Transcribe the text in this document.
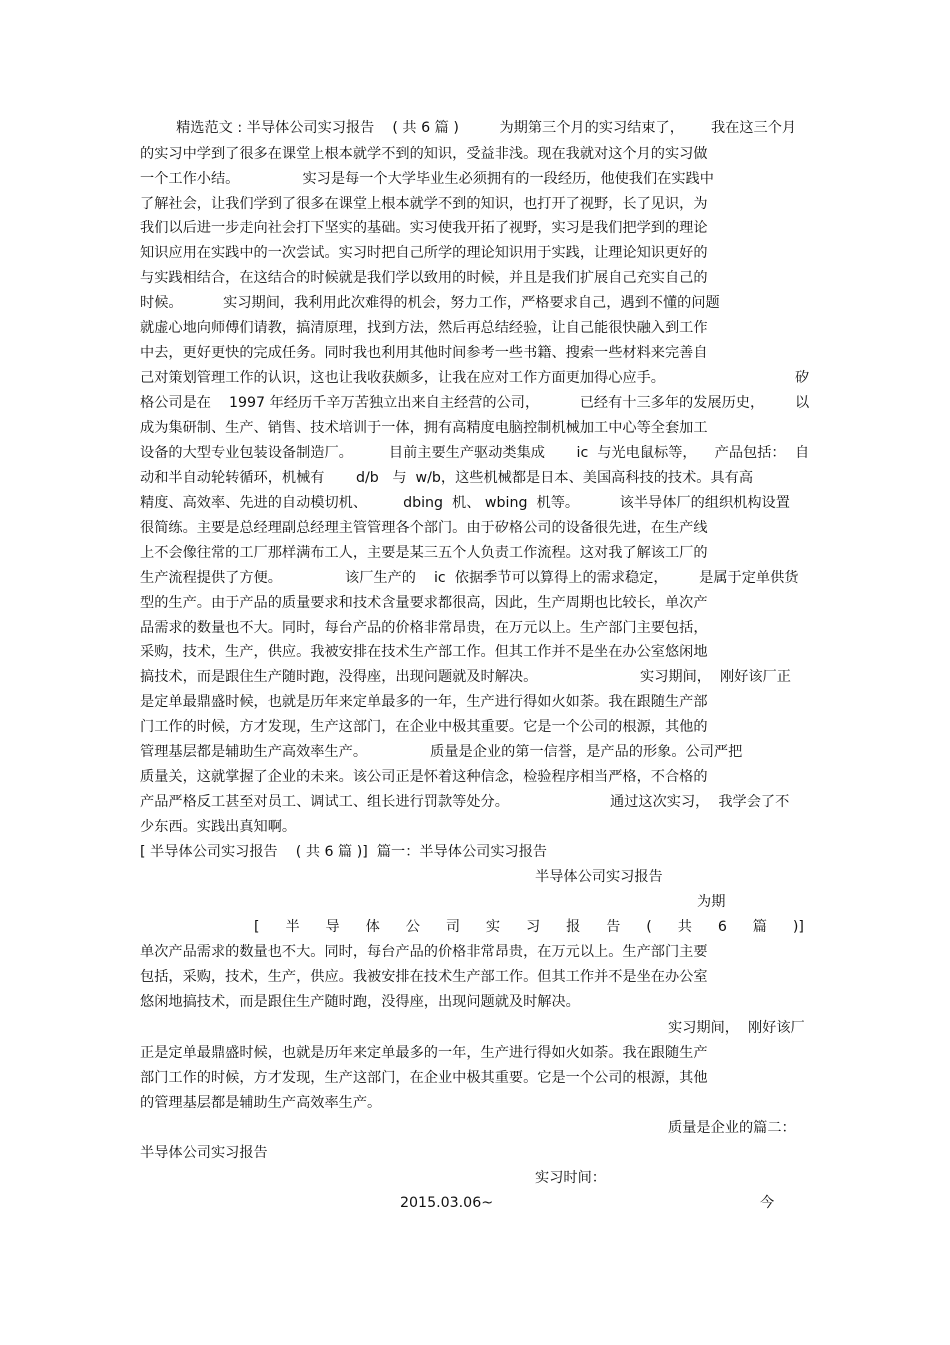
精选范文 : 半导体公司实习报告    ( 共 6 篇 )         为期第三个月的实习结束了，      我在这三个月
的实习中学到了很多在课堂上根本就学不到的知识，受益非浅。现在我就对这个月的实习做
一个工作小结。              实习是每一个大学毕业生必须拥有的一段经历，他使我们在实践中
了解社会，让我们学到了很多在课堂上根本就学不到的知识，也打开了视野，长了见识，为
我们以后进一步走向社会打下坚实的基础。实习使我开拓了视野，实习是我们把学到的理论
知识应用在实践中的一次尝试。实习时把自己所学的理论知识用于实践，让理论知识更好的
与实践相结合，在这结合的时候就是我们学以致用的时候，并且是我们扩展自己充实自己的
时候。         实习期间，我利用此次难得的机会，努力工作，严格要求自己，遇到不懂的问题
就虚心地向师傅们请教，搞清原理，找到方法，然后再总结经验，让自己能很快融入到工作
中去，更好更快的完成任务。同时我也利用其他时间参考一些书籍、搜索一些材料来完善自
己对策划管理工作的认识，这也让我收获颇多，让我在应对工作方面更加得心应手。	矽
格公司是在    1997 年经历千辛万苦独立出来自主经营的公司，         已经有十三多年的发展历史， 以
成为集研制、生产、销售、技术培训于一体，拥有高精度电脑控制机械加工中心等全套加工
设备的大型专业包装设备制造厂。        目前主要生产驱动类集成       ic  与光电鼠标等，    产品包括： 自
动和半自动轮转循环，机械有       d/b   与  w/b，这些机械都是日本、美国高科技的技术。具有高
精度、高效率、先进的自动模切机、        dbing  机、 wbing  机等。         该半导体厂的组织机构设置
很简练。主要是总经理副总经理主管管理各个部门。由于矽格公司的设备很先进，在生产线
上不会像往常的工厂那样满布工人，主要是某三五个人负责工作流程。这对我了解该工厂的
生产流程提供了方便。              该厂生产的    ic  依据季节可以算得上的需求稳定，       是属于定单供货
型的生产。由于产品的质量要求和技术含量要求都很高，因此，生产周期也比较长，单次产
品需求的数量也不大。同时，每台产品的价格非常昂贵，在万元以上。生产部门主要包括，
采购，技术，生产，供应。我被安排在技术生产部工作。但其工作并不是坐在办公室悠闲地
搞技术，而是跟住生产随时跑，没得座，出现问题就及时解决。	实习期间，  刚好该厂正
是定单最鼎盛时候，也就是历年来定单最多的一年，生产进行得如火如荼。我在跟随生产部
门工作的时候，方才发现，生产这部门，在企业中极其重要。它是一个公司的根源，其他的
管理基层都是辅助生产高效率生产。              质量是企业的第一信誉，是产品的形象。公司严把
质量关，这就掌握了企业的未来。该公司正是怀着这种信念，检验程序相当严格，不合格的
产品严格反工甚至对员工、调试工、组长进行罚款等处分。	通过这次实习，  我学会了不
少东西。实践出真知啊。
[ 半导体公司实习报告    ( 共 6 篇 )]  篇一：半导体公司实习报告
半导体公司实习报告
为期
[ 半 导 体 公 司 实 习 报 告 ( 共 6 篇 )]
单次产品需求的数量也不大。同时，每台产品的价格非常昂贵，在万元以上。生产部门主要
包括，采购，技术，生产，供应。我被安排在技术生产部工作。但其工作并不是坐在办公室
悠闲地搞技术，而是跟住生产随时跑，没得座，出现问题就及时解决。
实习期间，  刚好该厂
正是定单最鼎盛时候，也就是历年来定单最多的一年，生产进行得如火如荼。我在跟随生产
部门工作的时候，方才发现，生产这部门，在企业中极其重要。它是一个公司的根源，其他
的管理基层都是辅助生产高效率生产。
质量是企业的篇二：
半导体公司实习报告
实习时间：
2015.03.06~	今
